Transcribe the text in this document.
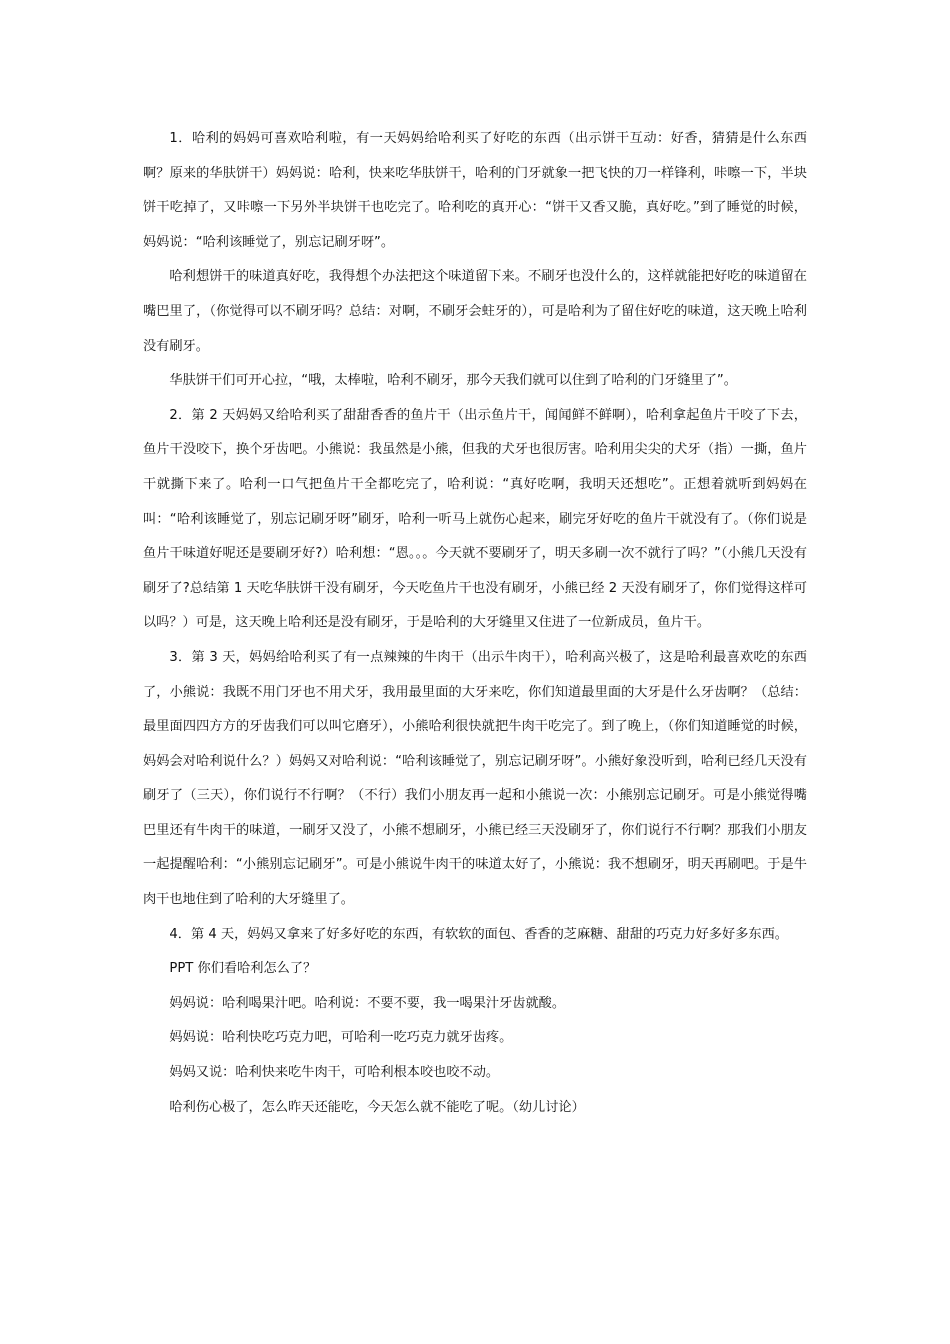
1．哈利的妈妈可喜欢哈利啦，有一天妈妈给哈利买了好吃的东西（出示饼干互动：好香，猜猜是什么东西啊？原来的华肤饼干）妈妈说：哈利，快来吃华肤饼干，哈利的门牙就象一把飞快的刀一样锋利，咔嚓一下，半块饼干吃掉了，又咔嚓一下另外半块饼干也吃完了。哈利吃的真开心：“饼干又香又脆，真好吃。”到了睡觉的时候，妈妈说：“哈利该睡觉了，别忘记刷牙呀”。

哈利想饼干的味道真好吃，我得想个办法把这个味道留下来。不刷牙也没什么的，这样就能把好吃的味道留在嘴巴里了，（你觉得可以不刷牙吗？总结：对啊，不刷牙会蛀牙的），可是哈利为了留住好吃的味道，这天晚上哈利没有刷牙。

华肤饼干们可开心拉，“哦，太棒啦，哈利不刷牙，那今天我们就可以住到了哈利的门牙缝里了”。

2．第 2 天妈妈又给哈利买了甜甜香香的鱼片干（出示鱼片干，闻闻鲜不鲜啊），哈利拿起鱼片干咬了下去，鱼片干没咬下，换个牙齿吧。小熊说：我虽然是小熊，但我的犬牙也很厉害。哈利用尖尖的犬牙（指）一撕，鱼片干就撕下来了。哈利一口气把鱼片干全都吃完了，哈利说：“真好吃啊，我明天还想吃”。正想着就听到妈妈在叫：“哈利该睡觉了，别忘记刷牙呀”刷牙，哈利一听马上就伤心起来，刷完牙好吃的鱼片干就没有了。（你们说是鱼片干味道好呢还是要刷牙好?）哈利想：“恩。。。今天就不要刷牙了，明天多刷一次不就行了吗？”（小熊几天没有刷牙了?总结第 1 天吃华肤饼干没有刷牙，今天吃鱼片干也没有刷牙，小熊已经 2 天没有刷牙了，你们觉得这样可以吗？）可是，这天晚上哈利还是没有刷牙，于是哈利的大牙缝里又住进了一位新成员，鱼片干。

3．第 3 天，妈妈给哈利买了有一点辣辣的牛肉干（出示牛肉干），哈利高兴极了，这是哈利最喜欢吃的东西了，小熊说：我既不用门牙也不用犬牙，我用最里面的大牙来吃，你们知道最里面的大牙是什么牙齿啊？（总结：最里面四四方方的牙齿我们可以叫它磨牙），小熊哈利很快就把牛肉干吃完了。到了晚上，（你们知道睡觉的时候，妈妈会对哈利说什么？）妈妈又对哈利说：“哈利该睡觉了，别忘记刷牙呀”。小熊好象没听到，哈利已经几天没有刷牙了（三天），你们说行不行啊？（不行）我们小朋友再一起和小熊说一次：小熊别忘记刷牙。可是小熊觉得嘴巴里还有牛肉干的味道，一刷牙又没了，小熊不想刷牙，小熊已经三天没刷牙了，你们说行不行啊？那我们小朋友一起提醒哈利：“小熊别忘记刷牙”。可是小熊说牛肉干的味道太好了，小熊说：我不想刷牙，明天再刷吧。于是牛肉干也地住到了哈利的大牙缝里了。

4．第 4 天，妈妈又拿来了好多好吃的东西，有软软的面包、香香的芝麻糖、甜甜的巧克力好多好多东西。

PPT 你们看哈利怎么了？

妈妈说：哈利喝果汁吧。哈利说：不要不要，我一喝果汁牙齿就酸。

妈妈说：哈利快吃巧克力吧，可哈利一吃巧克力就牙齿疼。

妈妈又说：哈利快来吃牛肉干，可哈利根本咬也咬不动。

哈利伤心极了，怎么昨天还能吃，今天怎么就不能吃了呢。（幼儿讨论）
